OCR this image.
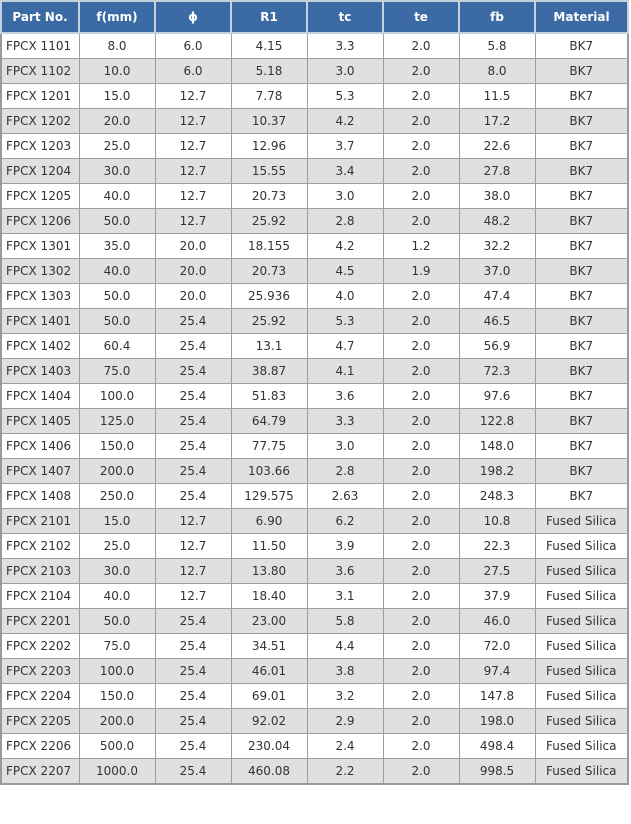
Part No.	f(mm)	ϕ	R1	tc	te	fb	Material
FPCX 1101	8.0	6.0	4.15	3.3	2.0	5.8	BK7
FPCX 1102	10.0	6.0	5.18	3.0	2.0	8.0	BK7
FPCX 1201	15.0	12.7	7.78	5.3	2.0	11.5	BK7
FPCX 1202	20.0	12.7	10.37	4.2	2.0	17.2	BK7
FPCX 1203	25.0	12.7	12.96	3.7	2.0	22.6	BK7
FPCX 1204	30.0	12.7	15.55	3.4	2.0	27.8	BK7
FPCX 1205	40.0	12.7	20.73	3.0	2.0	38.0	BK7
FPCX 1206	50.0	12.7	25.92	2.8	2.0	48.2	BK7
FPCX 1301	35.0	20.0	18.155	4.2	1.2	32.2	BK7
FPCX 1302	40.0	20.0	20.73	4.5	1.9	37.0	BK7
FPCX 1303	50.0	20.0	25.936	4.0	2.0	47.4	BK7
FPCX 1401	50.0	25.4	25.92	5.3	2.0	46.5	BK7
FPCX 1402	60.4	25.4	13.1	4.7	2.0	56.9	BK7
FPCX 1403	75.0	25.4	38.87	4.1	2.0	72.3	BK7
FPCX 1404	100.0	25.4	51.83	3.6	2.0	97.6	BK7
FPCX 1405	125.0	25.4	64.79	3.3	2.0	122.8	BK7
FPCX 1406	150.0	25.4	77.75	3.0	2.0	148.0	BK7
FPCX 1407	200.0	25.4	103.66	2.8	2.0	198.2	BK7
FPCX 1408	250.0	25.4	129.575	2.63	2.0	248.3	BK7
FPCX 2101	15.0	12.7	6.90	6.2	2.0	10.8	Fused Silica
FPCX 2102	25.0	12.7	11.50	3.9	2.0	22.3	Fused Silica
FPCX 2103	30.0	12.7	13.80	3.6	2.0	27.5	Fused Silica
FPCX 2104	40.0	12.7	18.40	3.1	2.0	37.9	Fused Silica
FPCX 2201	50.0	25.4	23.00	5.8	2.0	46.0	Fused Silica
FPCX 2202	75.0	25.4	34.51	4.4	2.0	72.0	Fused Silica
FPCX 2203	100.0	25.4	46.01	3.8	2.0	97.4	Fused Silica
FPCX 2204	150.0	25.4	69.01	3.2	2.0	147.8	Fused Silica
FPCX 2205	200.0	25.4	92.02	2.9	2.0	198.0	Fused Silica
FPCX 2206	500.0	25.4	230.04	2.4	2.0	498.4	Fused Silica
FPCX 2207	1000.0	25.4	460.08	2.2	2.0	998.5	Fused Silica
